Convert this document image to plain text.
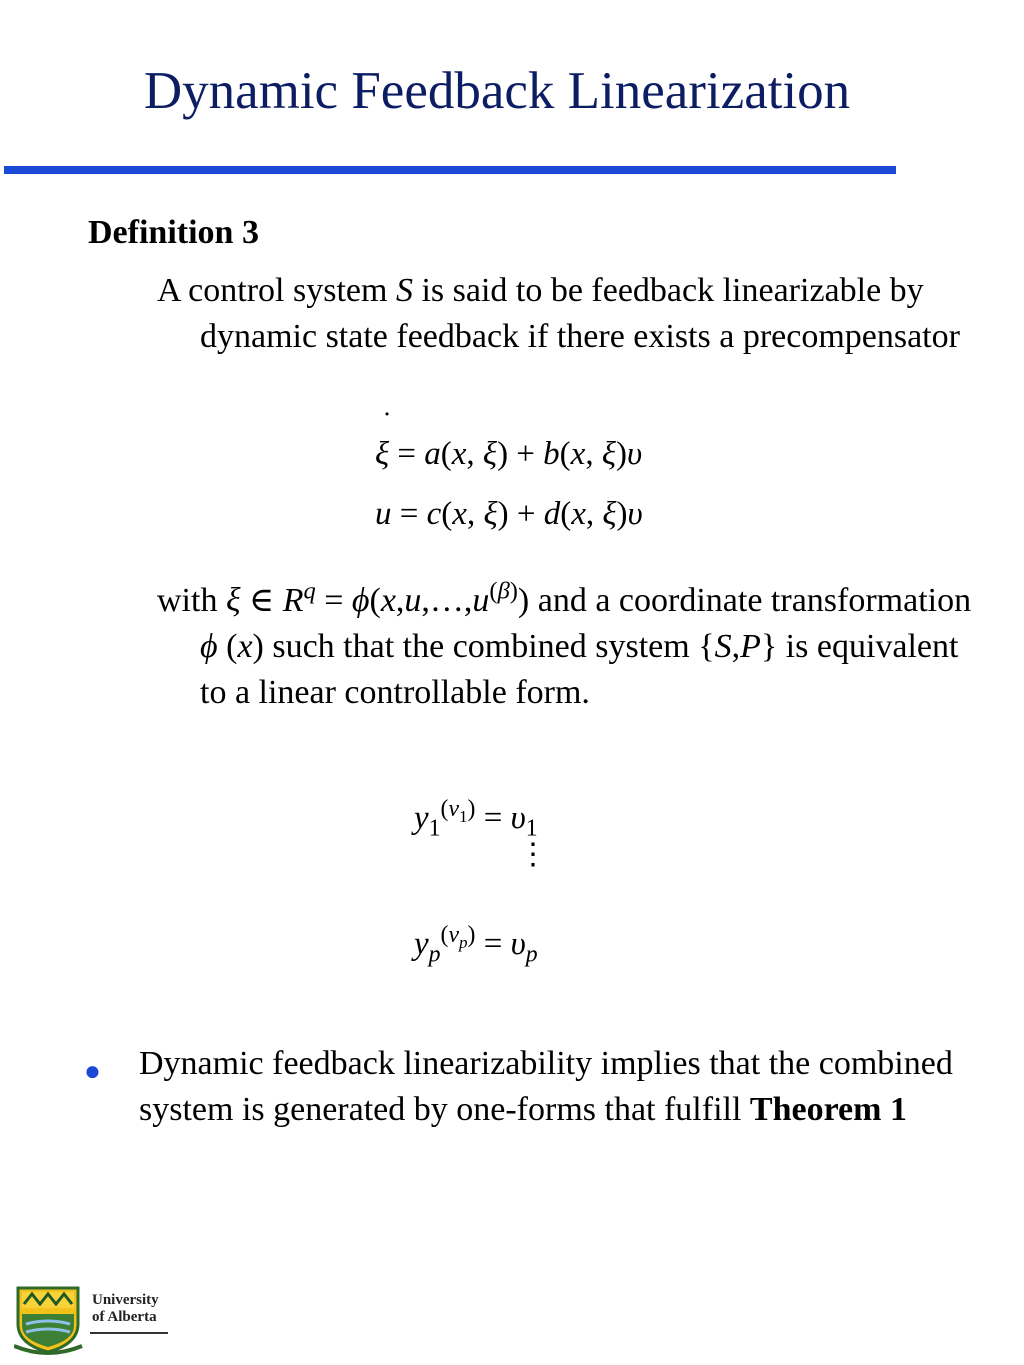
Dynamic Feedback Linearization
Definition 3
A control system S is said to be feedback linearizable by dynamic state feedback if there exists a precompensator
ξ
˙
= a(x, ξ) + b(x, ξ)υ
u = c(x, ξ) + d(x, ξ)υ
with ξ ∈ $R^q$ = $\phi(x,u,\dots,u^{(\beta)})$ and a coordinate transformation ϕ (x) such that the combined system {S,P} is equivalent to a linear controllable form.
$y_1^{(\nu_1)} = \upsilon_1$
⋮
$y_p^{(\nu_p)} = \upsilon_p$
● Dynamic feedback linearizability implies that the combined system is generated by one-forms that fulfill Theorem 1
University
of Alberta
